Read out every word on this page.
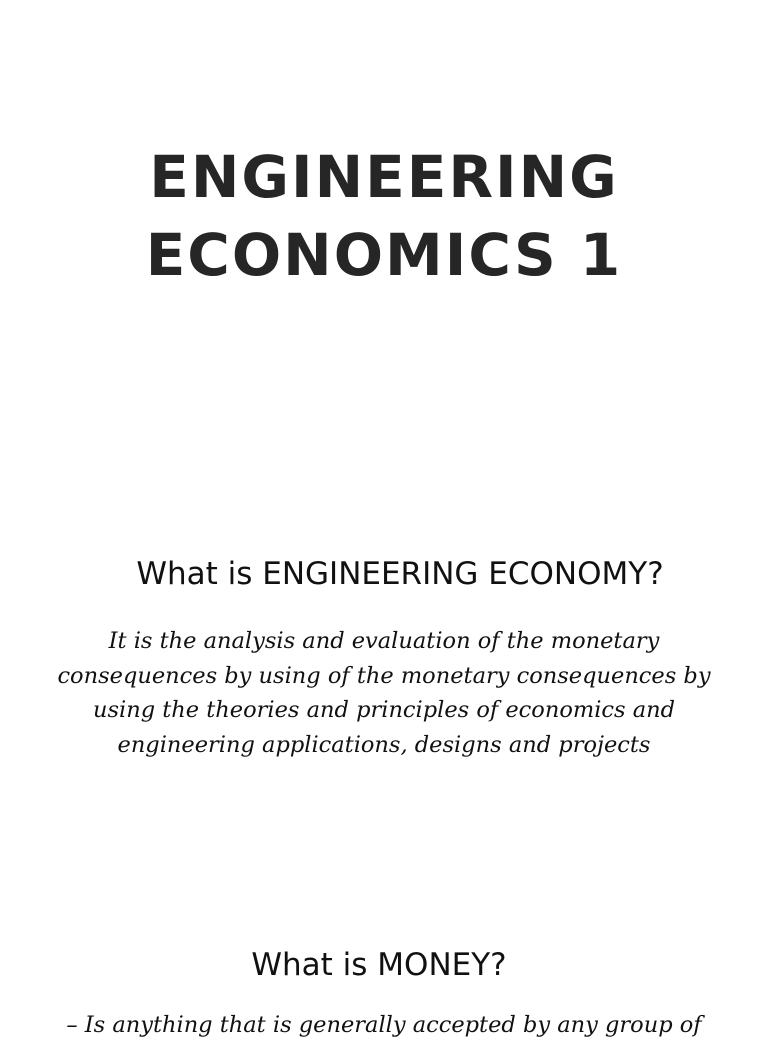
ENGINEERING
ECONOMICS 1

What is ENGINEERING ECONOMY?

It is the analysis and evaluation of the monetary
consequences by using of the monetary consequences by
using the theories and principles of economics and
engineering applications, designs and projects

What is MONEY?

– Is anything that is generally accepted by any group of
